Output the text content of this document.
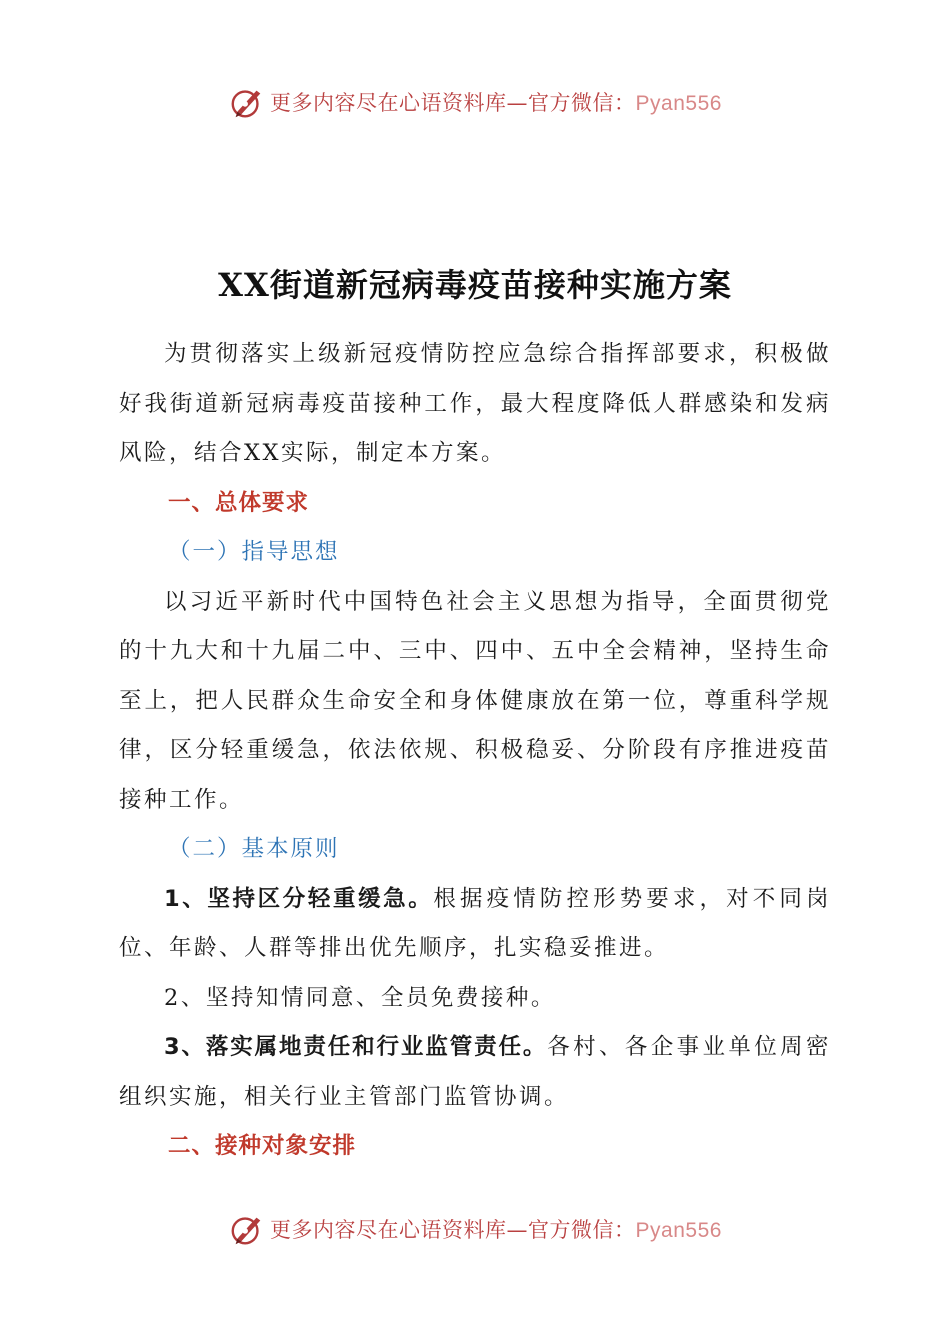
更多内容尽在心语资料库—官方微信：Pyan556
XX街道新冠病毒疫苗接种实施方案

为贯彻落实上级新冠疫情防控应急综合指挥部要求，积极做好我街道新冠病毒疫苗接种工作，最大程度降低人群感染和发病风险，结合XX实际，制定本方案。

一、总体要求

（一）指导思想

以习近平新时代中国特色社会主义思想为指导，全面贯彻党的十九大和十九届二中、三中、四中、五中全会精神，坚持生命至上，把人民群众生命安全和身体健康放在第一位，尊重科学规律，区分轻重缓急，依法依规、积极稳妥、分阶段有序推进疫苗接种工作。

（二）基本原则

1、坚持区分轻重缓急。根据疫情防控形势要求，对不同岗位、年龄、人群等排出优先顺序，扎实稳妥推进。

2、坚持知情同意、全员免费接种。

3、落实属地责任和行业监管责任。各村、各企事业单位周密组织实施，相关行业主管部门监管协调。

二、接种对象安排

更多内容尽在心语资料库—官方微信：Pyan556
